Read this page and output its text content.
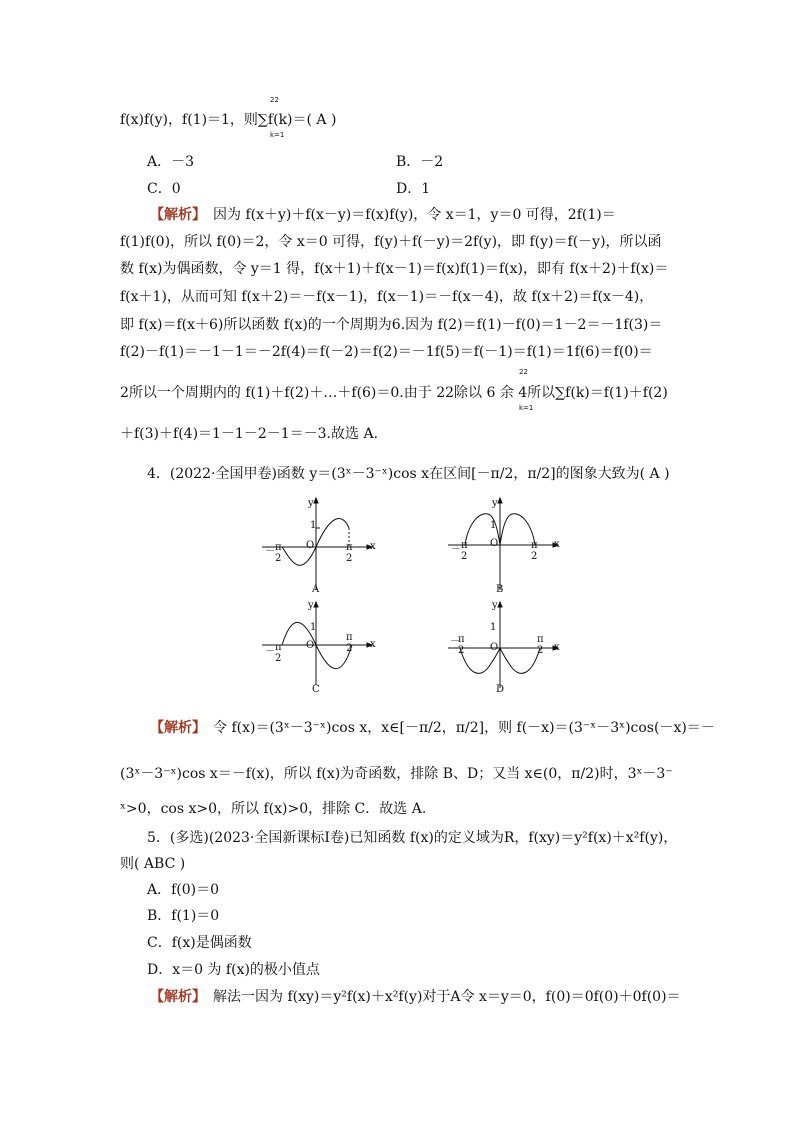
f(x)f(y)，f(1)＝1，则∑f(k)＝( A )
22
k=1
A．－3	B．－2
C．0	D．1
【解析】　 因为 f(x＋y)＋f(x－y)＝f(x)f(y)，令 x＝1，y＝0 可得，2f(1)＝
f(1)f(0)，所以 f(0)＝2，令 x＝0 可得，f(y)＋f(－y)＝2f(y)，即 f(y)＝f(－y)，所以函
数 f(x)为偶函数，令 y＝1 得，f(x＋1)＋f(x－1)＝f(x)f(1)＝f(x)，即有 f(x＋2)＋f(x)＝
f(x＋1)，从而可知 f(x＋2)＝－f(x－1)，f(x－1)＝－f(x－4)，故 f(x＋2)＝f(x－4)，
即 f(x)＝f(x＋6)所以函数 f(x)的一个周期为6.因为 f(2)＝f(1)－f(0)＝1－2＝－1f(3)＝
f(2)－f(1)＝－1－1＝－2f(4)＝f(－2)＝f(2)＝－1f(5)＝f(－1)＝f(1)＝1f(6)＝f(0)＝
2所以一个周期内的 f(1)＋f(2)＋…＋f(6)＝0.由于 22除以 6 余 4所以∑f(k)＝f(1)＋f(2)
22
k=1
＋f(3)＋f(4)＝1－1－2－1＝－3.故选 A.
4．(2022·全国甲卷)函数 y＝(3ˣ－3⁻ˣ)cos x在区间[－π/2，π/2]的图象大致为( A )
y
1
O	x
－ π
2
π
2
A
y
1
O	x
－ π
2
π
2
B
y
1
O	x
－ π
2
π
2
C
y
1
O	x
－
π
2
π
2
D
【解析】　 令 f(x)＝(3ˣ－3⁻ˣ)cos x，x∈[－π/2，π/2]，则 f(－x)＝(3⁻ˣ－3ˣ)cos(－x)＝－
(3ˣ－3⁻ˣ)cos x＝－f(x)，所以 f(x)为奇函数，排除 B、D；又当 x∈(0，π/2)时，3ˣ－3⁻
ˣ>0，cos x>0，所以 f(x)>0，排除 C．故选 A.
5．(多选)(2023·全国新课标Ⅰ卷)已知函数 f(x)的定义域为R，f(xy)＝y²f(x)＋x²f(y)，
则( ABC )
A．f(0)＝0
B．f(1)＝0
C．f(x)是偶函数
D．x＝0 为 f(x)的极小值点
【解析】　 解法一因为 f(xy)＝y²f(x)＋x²f(y)对于A令 x＝y＝0，f(0)＝0f(0)＋0f(0)＝
